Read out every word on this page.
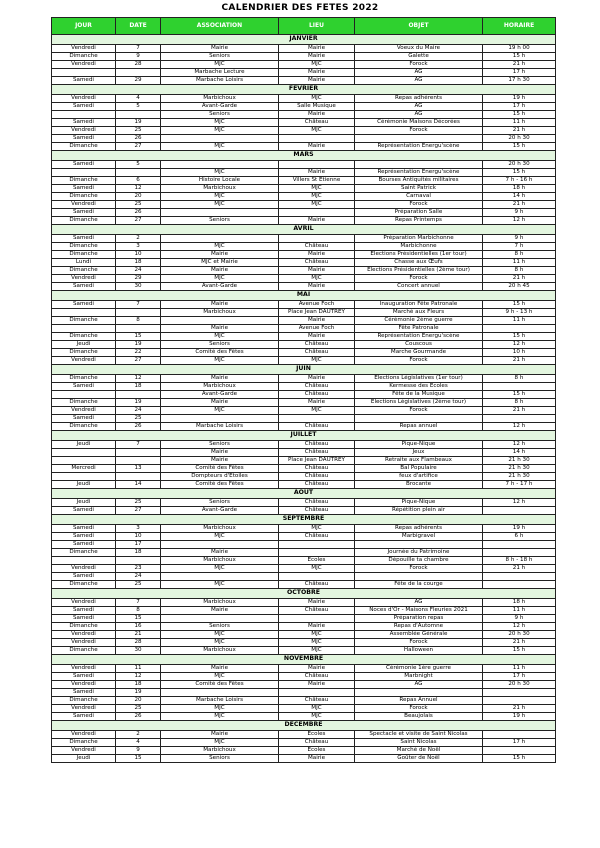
CALENDRIER DES FETES 2022
JOUR	DATE	ASSOCIATION	LIEU	OBJET	HORAIRE
JANVIER					
Vendredi	7	Mairie	Mairie	Voeux du Maire	19 h 00
Dimanche	9	Seniors	Mairie	Galette	15 h
Vendredi	28	MJC	MJC	Forock	21 h
		Marbache Lecture	Mairie	AG	17 h
Samedi	29	Marbache Loisirs	Mairie	AG	17 h 30
FEVRIER					
Vendredi	4	Marbichoux	MJC	Repas adhérents	19 h
Samedi	5	Avant-Garde	Salle Musique	AG	17 h
		Seniors	Mairie	AG	15 h
Samedi	19	MJC	Château	Cérémonie Maisons Décorées	11 h
Vendredi	25	MJC	MJC	Forock	21 h
Samedi	26				20 h 30
Dimanche	27	MJC	Mairie	Représentation Energu'scène	15 h
MARS					
Samedi	5				20 h 30
		MJC	Mairie	Représentation Energu'scène	15 h
Dimanche	6	Histoire Locale	Villers St Etienne	Bourses Antiquités militaires	7 h - 16 h
Samedi	12	Marbichoux	MJC	Saint Patrick	18 h
Dimanche	20	MJC	MJC	Carnaval	14 h
Vendredi	25	MJC	MJC	Forock	21 h
Samedi	26			Préparation Salle	9 h
Dimanche	27	Seniors	Mairie	Repas Printemps	12 h
AVRIL					
Samedi	2			Préparation Marbichonne	9 h
Dimanche	3	MJC	Château	Marbichonne	7 h
Dimanche	10	Mairie	Mairie	Elections Présidentielles (1er tour)	8 h
Lundi	18	MJC et Mairie	Château	Chasse aux Œufs	11 h
Dimanche	24	Mairie	Mairie	Elections Présidentielles (2ème tour)	8 h
Vendredi	29	MJC	MJC	Forock	21 h
Samedi	30	Avant-Garde	Mairie	Concert annuel	20 h 45
MAI					
Samedi	7	Mairie	Avenue Foch	Inauguration Fête Patronale	15 h
		Marbichoux	Place Jean DAUTREY	Marché aux Fleurs	9 h - 13 h
Dimanche	8		Mairie	Cérémonie 2ème guerre	11 h
		Mairie	Avenue Foch	Fête Patronale	
Dimanche	15	MJC	Mairie	Représentation Energu'scène	15 h
Jeudi	19	Seniors	Château	Couscous	12 h
Dimanche	22	Comité des Fêtes	Château	Marche Gourmande	10 h
Vendredi	27	MJC	MJC	Forock	21 h
JUIN					
Dimanche	12	Mairie	Mairie	Elections Législatives (1er tour)	8 h
Samedi	18	Marbichoux	Château	Kermesse des Ecoles	
		Avant-Garde	Château	Fête de la Musique	15 h
Dimanche	19	Mairie	Mairie	Elections Législatives (2ème tour)	8 h
Vendredi	24	MJC	MJC	Forock	21 h
Samedi	25				
Dimanche	26	Marbache Loisirs	Château	Repas annuel	12 h
JUILLET					
Jeudi	7	Seniors	Château	Pique-Nique	12 h
		Mairie	Château	Jeux	14 h
		Mairie	Place Jean DAUTREY	Retraite aux Flambeaux	21 h 30
Mercredi	13	Comité des Fêtes	Château	Bal Populaire	21 h 30
		Dompteurs d'Etoiles	Château	feux d'artifice	21 h 30
Jeudi	14	Comité des Fêtes	Château	Brocante	7 h - 17 h
AOUT					
Jeudi	25	Seniors	Château	Pique-Nique	12 h
Samedi	27	Avant-Garde	Château	Répétition plein air	
SEPTEMBRE					
Samedi	3	Marbichoux	MJC	Repas adhérents	19 h
Samedi	10	MJC	Château	Marbigravel	6 h
Samedi	17				
Dimanche	18	Mairie		Journée du Patrimoine	
		Marbichoux	Ecoles	Dépouille ta chambre	8 h - 18 h
Vendredi	23	MJC	MJC	Forock	21 h
Samedi	24				
Dimanche	25	MJC	Château	Fête de la courge	
OCTOBRE					
Vendredi	7	Marbichoux	Mairie	AG	18 h
Samedi	8	Mairie	Château	Noces d'Or - Maisons Fleuries 2021	11 h
Samedi	15			Préparation repas	9 h
Dimanche	16	Seniors	Mairie	Repas d'Automne	12 h
Vendredi	21	MJC	MJC	Assemblée Générale	20 h 30
Vendredi	28	MJC	MJC	Forock	21 h
Dimanche	30	Marbichoux	MJC	Halloween	15 h
NOVEMBRE					
Vendredi	11	Mairie	Mairie	Cérémonie 1ère guerre	11 h
Samedi	12	MJC	Château	Marbnight	17 h
Vendredi	18	Comité des Fêtes	Mairie	AG	20 h 30
Samedi	19				
Dimanche	20	Marbache Loisirs	Château	Repas Annuel	
Vendredi	25	MJC	MJC	Forock	21 h
Samedi	26	MJC	MJC	Beaujolais	19 h
DECEMBRE					
Vendredi	2	Mairie	Ecoles	Spectacle et visite de Saint Nicolas	
Dimanche	4	MJC	Château	Saint Nicolas	17 h
Vendredi	9	Marbichoux	Ecoles	Marché de Noël	
Jeudi	15	Seniors	Mairie	Goûter de Noël	15 h
